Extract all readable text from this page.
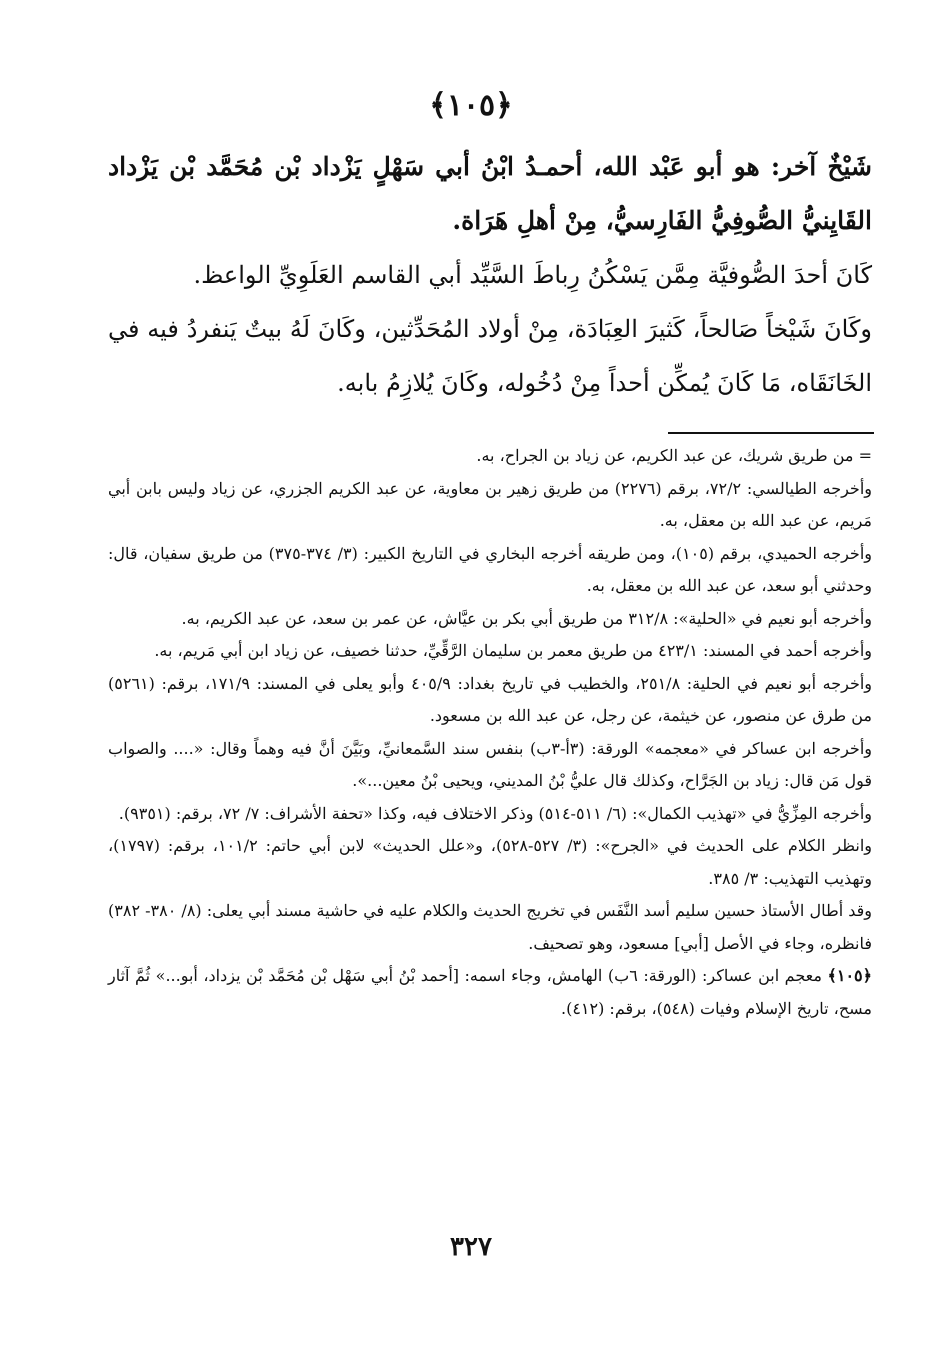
﴿١٠٥﴾

شَيْخٌ آخر: هو أبو عَبْد الله، أحمـدُ ابْنُ أبي سَهْلٍ يَزْداد بْن مُحَمَّد بْن يَزْداد القَايِنيُّ الصُّوفِيُّ الفَارِسيُّ، مِنْ أهلِ هَرَاة.

كَانَ أحدَ الصُّوفيَّة مِمَّن يَسْكُنُ رِباطَ السَّيِّد أبي القاسم العَلَوِيِّ الواعظ.

وكَانَ شَيْخاً صَالحاً، كَثيرَ العِبَادَة، مِنْ أولاد المُحَدِّثين، وكَانَ لَهُ بيتٌ يَنفردُ فيه في الخَانَقَاه، مَا كَانَ يُمكِّن أحداً مِنْ دُخُوله، وكَانَ يُلازِمُ بابه.

= من طريق شريك، عن عبد الكريم، عن زياد بن الجراح، به.

وأخرجه الطيالسي: ٧٢/٢، برقم (٢٢٧٦) من طريق زهير بن معاوية، عن عبد الكريم الجزري، عن زياد وليس بابن أبي مَريم، عن عبد الله بن معقل، به.

وأخرجه الحميدي، برقم (١٠٥)، ومن طريقه أخرجه البخاري في التاريخ الكبير: (٣/ ٣٧٤-٣٧٥) من طريق سفيان، قال: وحدثني أبو سعد، عن عبد الله بن معقل، به.

وأخرجه أبو نعيم في «الحلية»: ٣١٢/٨ من طريق أبي بكر بن عيَّاش، عن عمر بن سعد، عن عبد الكريم، به.

وأخرجه أحمد في المسند: ٤٢٣/١ من طريق معمر بن سليمان الرَّقِّيِّ، حدثنا خصيف، عن زياد ابن أبي مَريم، به.

وأخرجه أبو نعيم في الحلية: ٢٥١/٨، والخطيب في تاريخ بغداد: ٤٠٥/٩ وأبو يعلى في المسند: ١٧١/٩، برقم: (٥٢٦١) من طرق عن منصور، عن خيثمة، عن رجل، عن عبد الله بن مسعود.

وأخرجه ابن عساكر في «معجمه» الورقة: (٣أ-٣ب) بنفس سند السَّمعانيِّ، وبَيَّنَ أنَّ فيه وهماً وقال: «.... والصواب قول مَن قال: زياد بن الجَرَّاح، وكذلك قال عليُّ بْنُ المديني، ويحيى بْنُ معين...».

وأخرجه المِزِّيُّ في «تهذيب الكمال»: (٦/ ٥١١-٥١٤) وذكر الاختلاف فيه، وكذا «تحفة الأشراف: ٧/ ٧٢، برقم: (٩٣٥١).

وانظر الكلام على الحديث في «الجرح»: (٣/ ٥٢٧-٥٢٨)، و«علل الحديث» لابن أبي حاتم: ١٠١/٢، برقم: (١٧٩٧)، وتهذيب التهذيب: ٣/ ٣٨٥.

وقد أطال الأستاذ حسين سليم أسد النَّفَس في تخريج الحديث والكلام عليه في حاشية مسند أبي يعلى: (٨/ ٣٨٠- ٣٨٢) فانظره، وجاء في الأصل [أبي] مسعود، وهو تصحيف.

﴿١٠٥﴾ معجم ابن عساكر: (الورقة: ٦ب) الهامش، وجاء اسمه: [أحمد بْنُ أبي سَهْل بْن مُحَمَّد بْن يزداد، أبو...» ثُمَّ آثار مسح، تاريخ الإسلام وفيات (٥٤٨)، برقم: (٤١٢).

٣٢٧
